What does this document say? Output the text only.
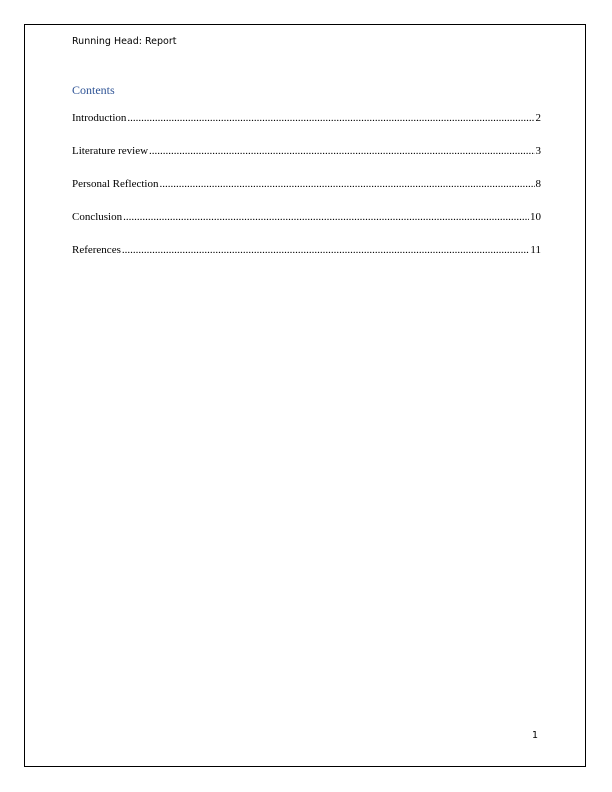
Running Head: Report
Contents
Introduction .....	2
Literature review .....	3
Personal Reflection .....	8
Conclusion .....	10
References .....	11
1
